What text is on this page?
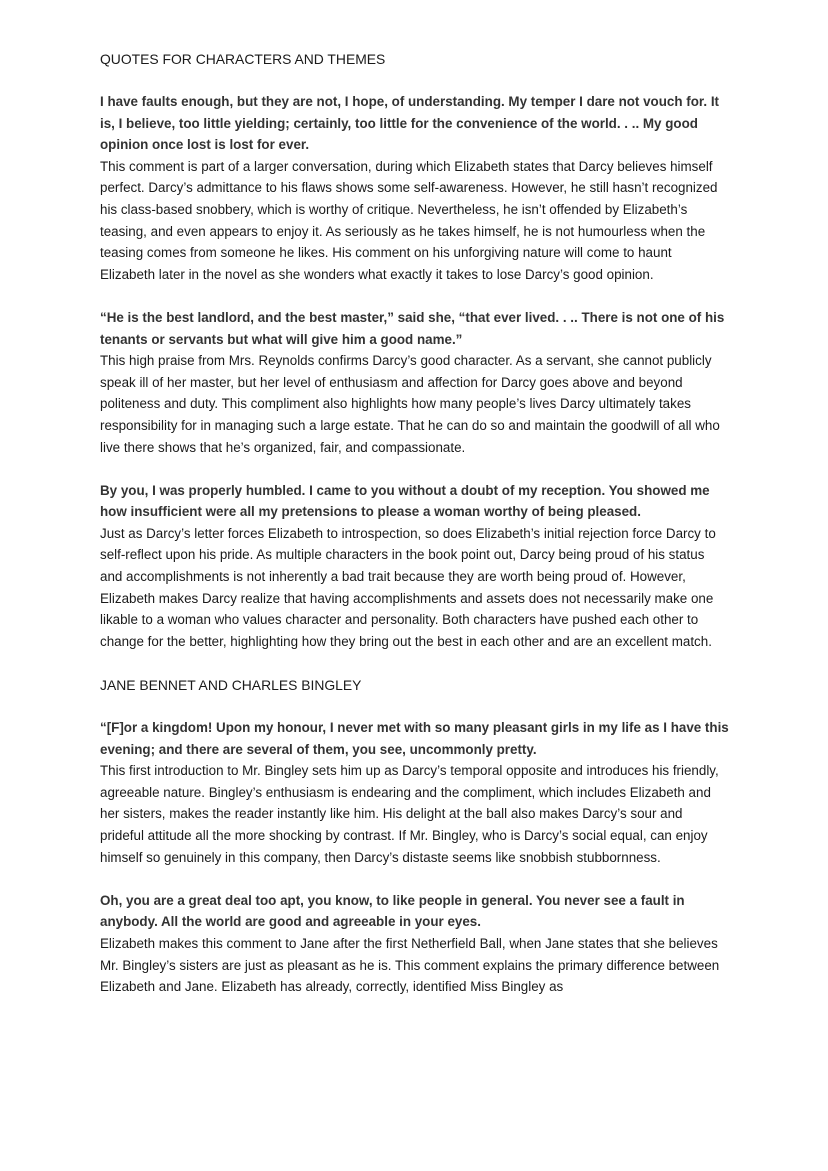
QUOTES FOR CHARACTERS AND THEMES

I have faults enough, but they are not, I hope, of understanding. My temper I dare not vouch for. It is, I believe, too little yielding; certainly, too little for the convenience of the world. . .. My good opinion once lost is lost for ever.

This comment is part of a larger conversation, during which Elizabeth states that Darcy believes himself perfect. Darcy’s admittance to his flaws shows some self-awareness. However, he still hasn’t recognized his class-based snobbery, which is worthy of critique. Nevertheless, he isn’t offended by Elizabeth’s teasing, and even appears to enjoy it. As seriously as he takes himself, he is not humourless when the teasing comes from someone he likes. His comment on his unforgiving nature will come to haunt Elizabeth later in the novel as she wonders what exactly it takes to lose Darcy’s good opinion.

“He is the best landlord, and the best master,” said she, “that ever lived. . .. There is not one of his tenants or servants but what will give him a good name.”

This high praise from Mrs. Reynolds confirms Darcy’s good character. As a servant, she cannot publicly speak ill of her master, but her level of enthusiasm and affection for Darcy goes above and beyond politeness and duty. This compliment also highlights how many people’s lives Darcy ultimately takes responsibility for in managing such a large estate. That he can do so and maintain the goodwill of all who live there shows that he’s organized, fair, and compassionate.

By you, I was properly humbled. I came to you without a doubt of my reception. You showed me how insufficient were all my pretensions to please a woman worthy of being pleased.

Just as Darcy’s letter forces Elizabeth to introspection, so does Elizabeth’s initial rejection force Darcy to self-reflect upon his pride. As multiple characters in the book point out, Darcy being proud of his status and accomplishments is not inherently a bad trait because they are worth being proud of. However, Elizabeth makes Darcy realize that having accomplishments and assets does not necessarily make one likable to a woman who values character and personality. Both characters have pushed each other to change for the better, highlighting how they bring out the best in each other and are an excellent match.

JANE BENNET AND CHARLES BINGLEY

“[F]or a kingdom! Upon my honour, I never met with so many pleasant girls in my life as I have this evening; and there are several of them, you see, uncommonly pretty.

This first introduction to Mr. Bingley sets him up as Darcy’s temporal opposite and introduces his friendly, agreeable nature. Bingley’s enthusiasm is endearing and the compliment, which includes Elizabeth and her sisters, makes the reader instantly like him. His delight at the ball also makes Darcy’s sour and prideful attitude all the more shocking by contrast. If Mr. Bingley, who is Darcy’s social equal, can enjoy himself so genuinely in this company, then Darcy’s distaste seems like snobbish stubbornness.

Oh, you are a great deal too apt, you know, to like people in general. You never see a fault in anybody. All the world are good and agreeable in your eyes.

Elizabeth makes this comment to Jane after the first Netherfield Ball, when Jane states that she believes Mr. Bingley’s sisters are just as pleasant as he is. This comment explains the primary difference between Elizabeth and Jane. Elizabeth has already, correctly, identified Miss Bingley as
